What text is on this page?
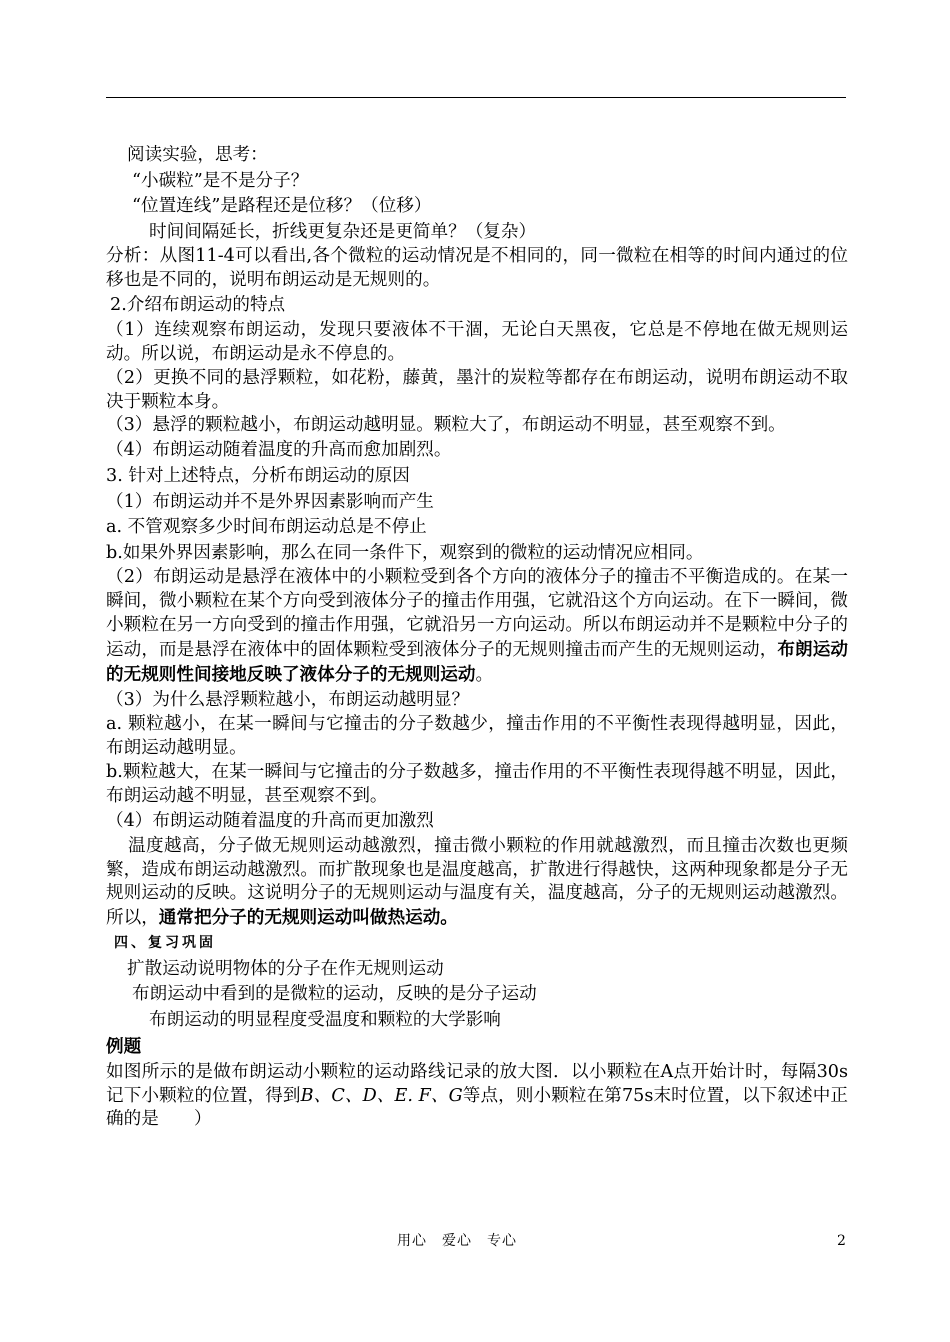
阅读实验，思考：
“小碳粒”是不是分子？
“位置连线”是路程还是位移？（位移）
时间间隔延长，折线更复杂还是更简单？（复杂）
分析：从图11-4可以看出,各个微粒的运动情况是不相同的，同一微粒在相等的时间内通过的位移也是不同的，说明布朗运动是无规则的。
2.介绍布朗运动的特点
（1）连续观察布朗运动，发现只要液体不干涸，无论白天黑夜，它总是不停地在做无规则运动。所以说，布朗运动是永不停息的。
（2）更换不同的悬浮颗粒，如花粉，藤黄，墨汁的炭粒等都存在布朗运动，说明布朗运动不取决于颗粒本身。
（3）悬浮的颗粒越小，布朗运动越明显。颗粒大了，布朗运动不明显，甚至观察不到。
（4）布朗运动随着温度的升高而愈加剧烈。
3. 针对上述特点，分析布朗运动的原因
（1）布朗运动并不是外界因素影响而产生
a. 不管观察多少时间布朗运动总是不停止
b.如果外界因素影响，那么在同一条件下，观察到的微粒的运动情况应相同。
（2）布朗运动是悬浮在液体中的小颗粒受到各个方向的液体分子的撞击不平衡造成的。在某一瞬间，微小颗粒在某个方向受到液体分子的撞击作用强，它就沿这个方向运动。在下一瞬间，微小颗粒在另一方向受到的撞击作用强，它就沿另一方向运动。所以布朗运动并不是颗粒中分子的运动，而是悬浮在液体中的固体颗粒受到液体分子的无规则撞击而产生的无规则运动，布朗运动的无规则性间接地反映了液体分子的无规则运动。
（3）为什么悬浮颗粒越小，布朗运动越明显？
a. 颗粒越小，在某一瞬间与它撞击的分子数越少，撞击作用的不平衡性表现得越明显，因此，布朗运动越明显。
b.颗粒越大，在某一瞬间与它撞击的分子数越多，撞击作用的不平衡性表现得越不明显，因此，布朗运动越不明显，甚至观察不到。
（4）布朗运动随着温度的升高而更加激烈
温度越高，分子做无规则运动越激烈，撞击微小颗粒的作用就越激烈，而且撞击次数也更频繁，造成布朗运动越激烈。而扩散现象也是温度越高，扩散进行得越快，这两种现象都是分子无规则运动的反映。这说明分子的无规则运动与温度有关，温度越高，分子的无规则运动越激烈。所以，通常把分子的无规则运动叫做热运动。
四、复习巩固
扩散运动说明物体的分子在作无规则运动
布朗运动中看到的是微粒的运动，反映的是分子运动
布朗运动的明显程度受温度和颗粒的大学影响
例题
如图所示的是做布朗运动小颗粒的运动路线记录的放大图．以小颗粒在A点开始计时，每隔30s记下小颗粒的位置，得到B、C、D、E. F、G等点，则小颗粒在第75s末时位置，以下叙述中正确的是　　）
用心　爱心　专心	2
